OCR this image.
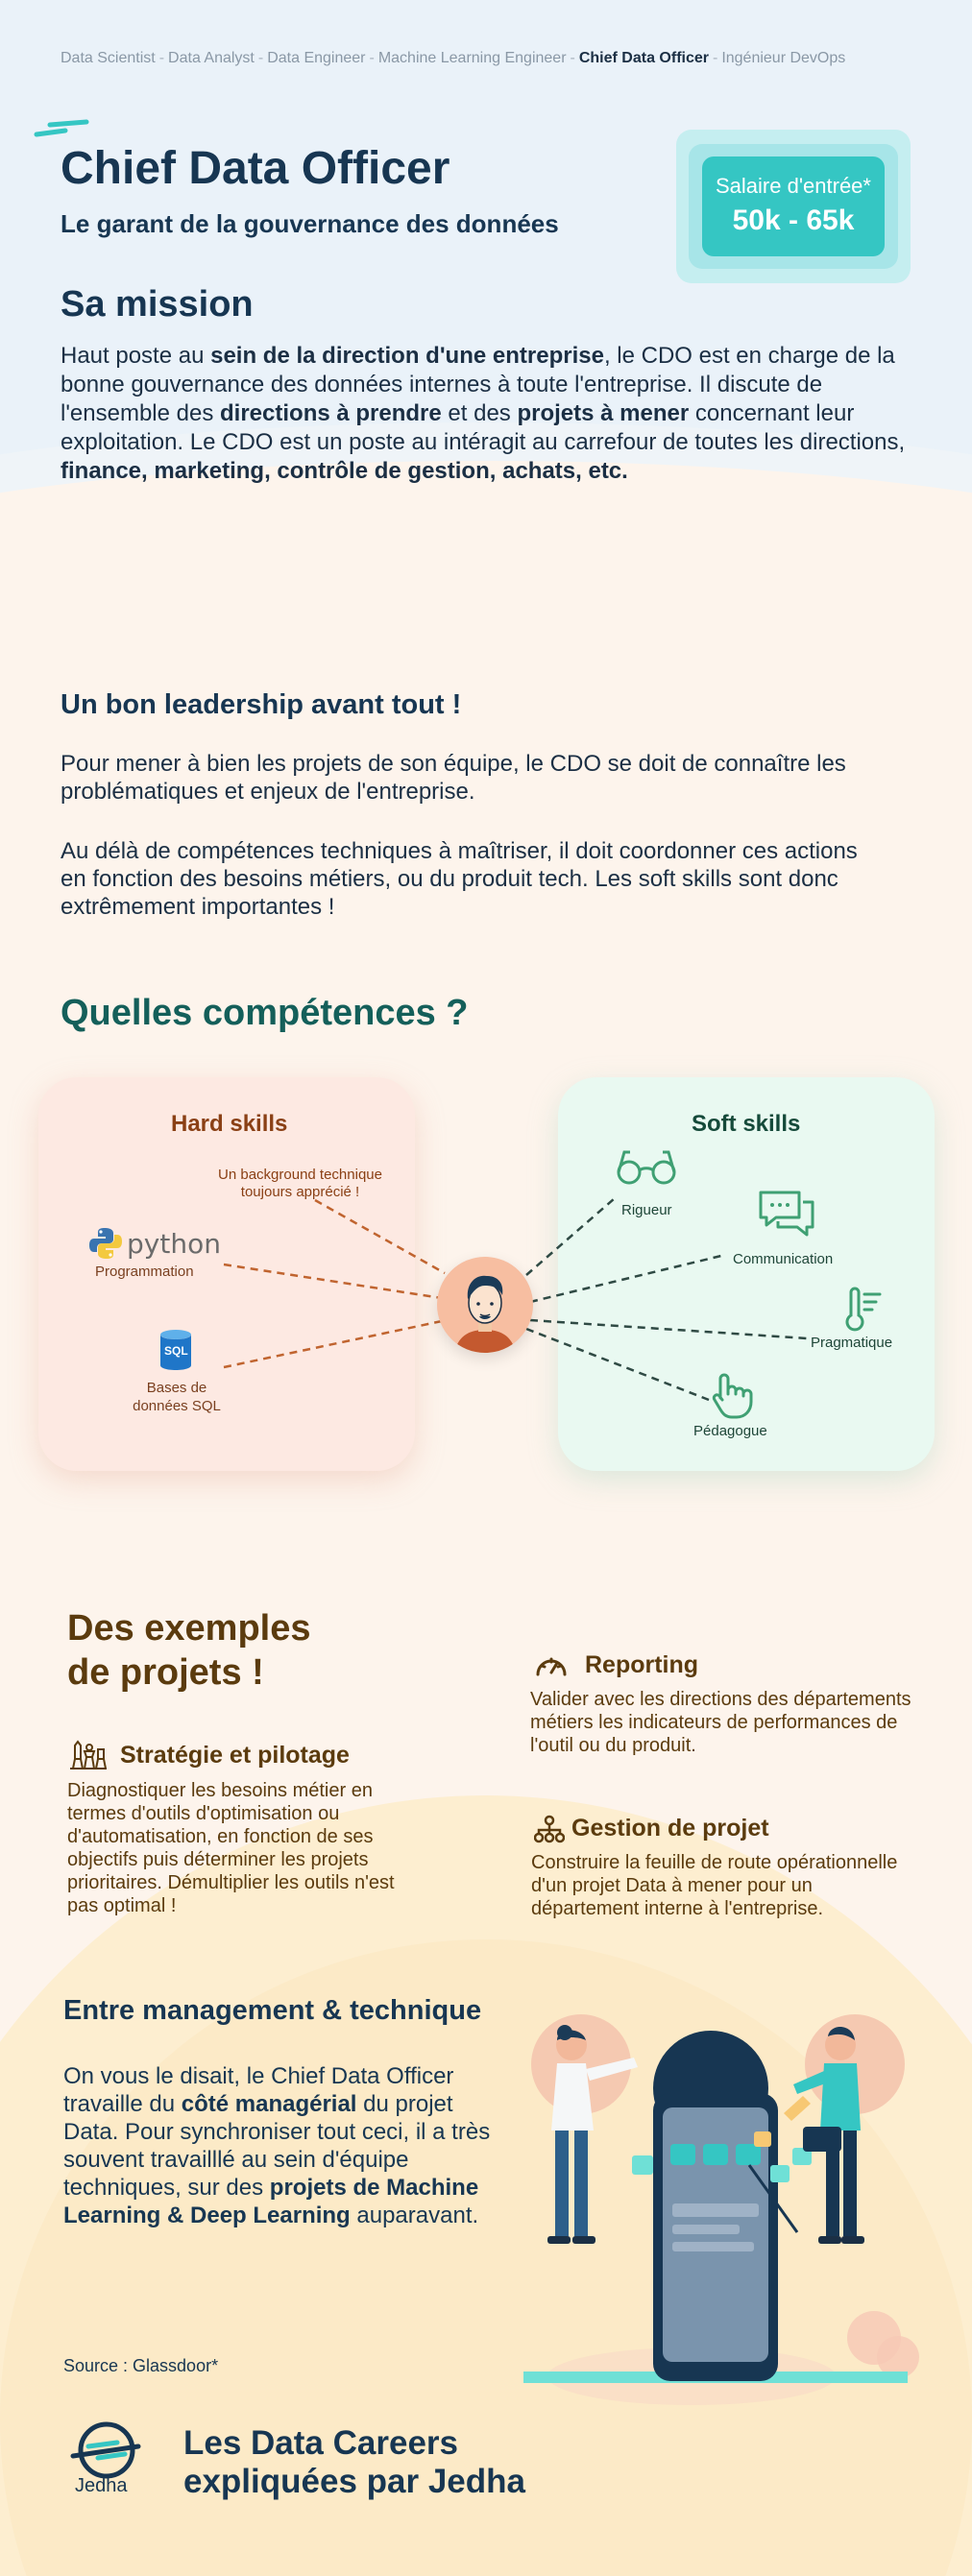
Data Scientist - Data Analyst - Data Engineer - Machine Learning Engineer - Chief Data Officer - Ingénieur DevOps
Chief Data Officer
Le garant de la gouvernance des données
Salaire d'entrée*
50k - 65k
Sa mission

Haut poste au sein de la direction d'une entreprise, le CDO est en charge de la bonne gouvernance des données internes à toute l'entreprise. Il discute de l'ensemble des directions à prendre et des projets à mener concernant leur exploitation. Le CDO est un poste au intéragit au carrefour de toutes les directions, finance, marketing, contrôle de gestion, achats, etc.

Un bon leadership avant tout !

Pour mener à bien les projets de son équipe, le CDO se doit de connaître les problématiques et enjeux de l'entreprise.

Au délà de compétences techniques à maîtriser, il doit coordonner ces actions en fonction des besoins métiers, ou du produit tech. Les soft skills sont donc extrêmement importantes !

Quelles compétences ?
Hard skills	Soft skills
Un background technique toujours apprécié !
python
Programmation
SQL
Bases de données SQL
Rigueur
Communication
Pragmatique
Pédagogue
Des exemples
de projets !
Stratégie et pilotage
Diagnostiquer les besoins métier en termes d'outils d'optimisation ou d'automatisation, en fonction de ses objectifs puis déterminer les projets prioritaires. Démultiplier les outils n'est pas optimal !
Reporting
Valider avec les directions des départements métiers les indicateurs de performances de l'outil ou du produit.
Gestion de projet
Construire la feuille de route opérationnelle d'un projet Data à mener pour un département interne à l'entreprise.
Entre management & technique

On vous le disait, le Chief Data Officer travaille du côté managérial du projet Data. Pour synchroniser tout ceci, il a très souvent travailllé au sein d'équipe techniques, sur des projets de Machine Learning & Deep Learning auparavant.

Source : Glassdoor*
Jedha
Les Data Careers
expliquées par Jedha
